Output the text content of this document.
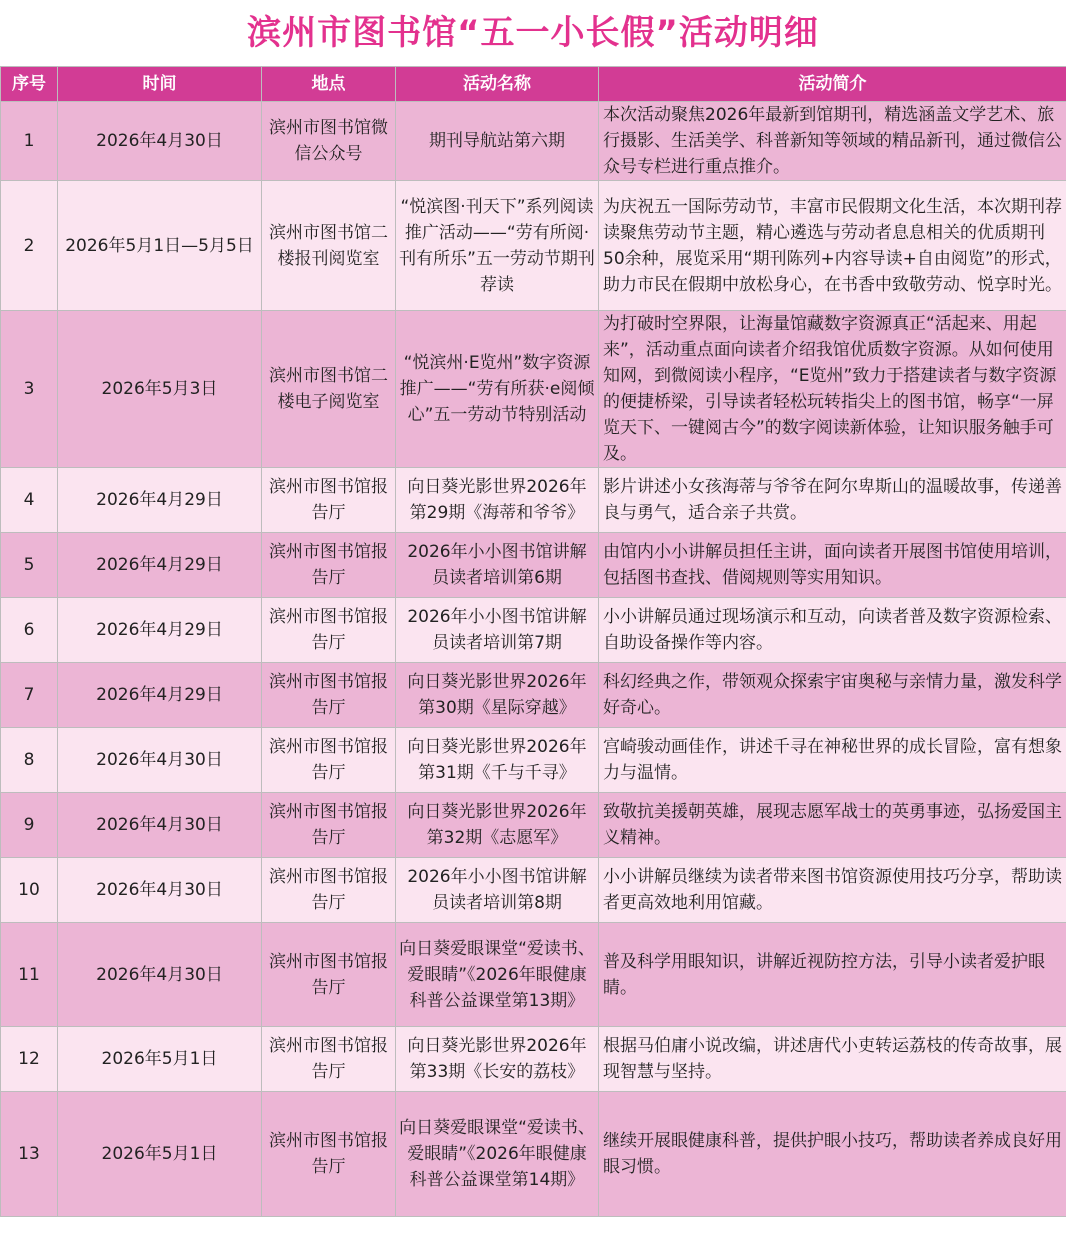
滨州市图书馆“五一小长假”活动明细
序号	时间	地点	活动名称	活动简介
1	2026年4月30日	滨州市图书馆微信公众号	期刊导航站第六期	本次活动聚焦2026年最新到馆期刊，精选涵盖文学艺术、旅行摄影、生活美学、科普新知等领域的精品新刊，通过微信公众号专栏进行重点推介。
2	2026年5月1日—5月5日	滨州市图书馆二楼报刊阅览室	“悦滨图·刊天下”系列阅读推广活动——“劳有所阅·刊有所乐”五一劳动节期刊荐读	为庆祝五一国际劳动节，丰富市民假期文化生活，本次期刊荐读聚焦劳动节主题，精心遴选与劳动者息息相关的优质期刊50余种，展览采用“期刊陈列+内容导读+自由阅览”的形式，助力市民在假期中放松身心，在书香中致敬劳动、悦享时光。
3	2026年5月3日	滨州市图书馆二楼电子阅览室	“悦滨州·E览州”数字资源推广——“劳有所获·e阅倾心”五一劳动节特别活动	为打破时空界限，让海量馆藏数字资源真正“活起来、用起来”，活动重点面向读者介绍我馆优质数字资源。从如何使用知网，到微阅读小程序，“E览州”致力于搭建读者与数字资源的便捷桥梁，引导读者轻松玩转指尖上的图书馆，畅享“一屏览天下、一键阅古今”的数字阅读新体验，让知识服务触手可及。
4	2026年4月29日	滨州市图书馆报告厅	向日葵光影世界2026年第29期《海蒂和爷爷》	影片讲述小女孩海蒂与爷爷在阿尔卑斯山的温暖故事，传递善良与勇气，适合亲子共赏。
5	2026年4月29日	滨州市图书馆报告厅	2026年小小图书馆讲解员读者培训第6期	由馆内小小讲解员担任主讲，面向读者开展图书馆使用培训，包括图书查找、借阅规则等实用知识。
6	2026年4月29日	滨州市图书馆报告厅	2026年小小图书馆讲解员读者培训第7期	小小讲解员通过现场演示和互动，向读者普及数字资源检索、自助设备操作等内容。
7	2026年4月29日	滨州市图书馆报告厅	向日葵光影世界2026年第30期《星际穿越》	科幻经典之作，带领观众探索宇宙奥秘与亲情力量，激发科学好奇心。
8	2026年4月30日	滨州市图书馆报告厅	向日葵光影世界2026年第31期《千与千寻》	宫崎骏动画佳作，讲述千寻在神秘世界的成长冒险，富有想象力与温情。
9	2026年4月30日	滨州市图书馆报告厅	向日葵光影世界2026年第32期《志愿军》	致敬抗美援朝英雄，展现志愿军战士的英勇事迹，弘扬爱国主义精神。
10	2026年4月30日	滨州市图书馆报告厅	2026年小小图书馆讲解员读者培训第8期	小小讲解员继续为读者带来图书馆资源使用技巧分享，帮助读者更高效地利用馆藏。
11	2026年4月30日	滨州市图书馆报告厅	向日葵爱眼课堂“爱读书、爱眼睛”《2026年眼健康科普公益课堂第13期》	普及科学用眼知识，讲解近视防控方法，引导小读者爱护眼睛。
12	2026年5月1日	滨州市图书馆报告厅	向日葵光影世界2026年第33期《长安的荔枝》	根据马伯庸小说改编，讲述唐代小吏转运荔枝的传奇故事，展现智慧与坚持。
13	2026年5月1日	滨州市图书馆报告厅	向日葵爱眼课堂“爱读书、爱眼睛”《2026年眼健康科普公益课堂第14期》	继续开展眼健康科普，提供护眼小技巧，帮助读者养成良好用眼习惯。
